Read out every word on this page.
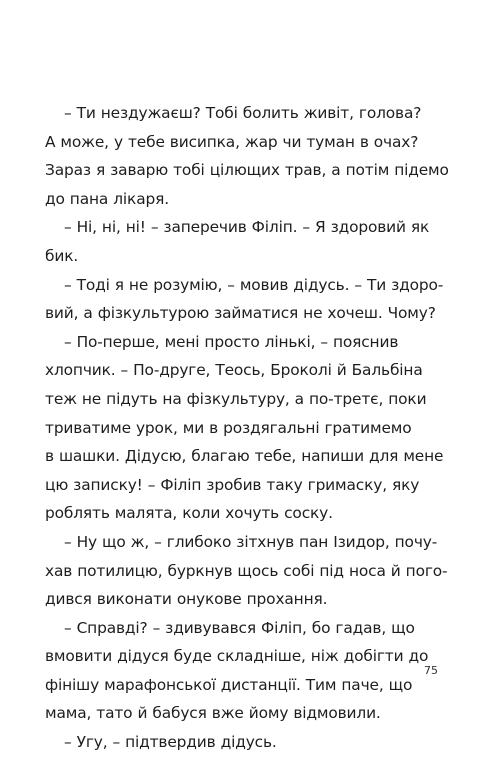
– Ти нездужаєш? Тобі болить живіт, голова?
А може, у тебе висипка, жар чи туман в очах?
Зараз я заварю тобі цілющих трав, а потім підемо
до пана лікаря.
– Ні, ні, ні! – заперечив Філіп. – Я здоровий як
бик.
– Тоді я не розумію, – мовив дідусь. – Ти здоро-
вий, а фізкультурою займатися не хочеш. Чому?
– По-перше, мені просто лінькі, – пояснив
хлопчик. – По-друге, Теось, Броколі й Бальбіна
теж не підуть на фізкультуру, а по-третє, поки
триватиме урок, ми в роздягальні гратимемо
в шашки. Дідусю, благаю тебе, напиши для мене
цю записку! – Філіп зробив таку гримаску, яку
роблять малята, коли хочуть соску.
– Ну що ж, – глибоко зітхнув пан Ізидор, почу-
хав потилицю, буркнув щось собі під носа й пого-
дився виконати онукове прохання.
– Справді? – здивувався Філіп, бо гадав, що
вмовити дідуся буде складніше, ніж добігти до
фінішу марафонської дистанції. Тим паче, що
мама, тато й бабуся вже йому відмовили.
– Угу, – підтвердив дідусь.
75
